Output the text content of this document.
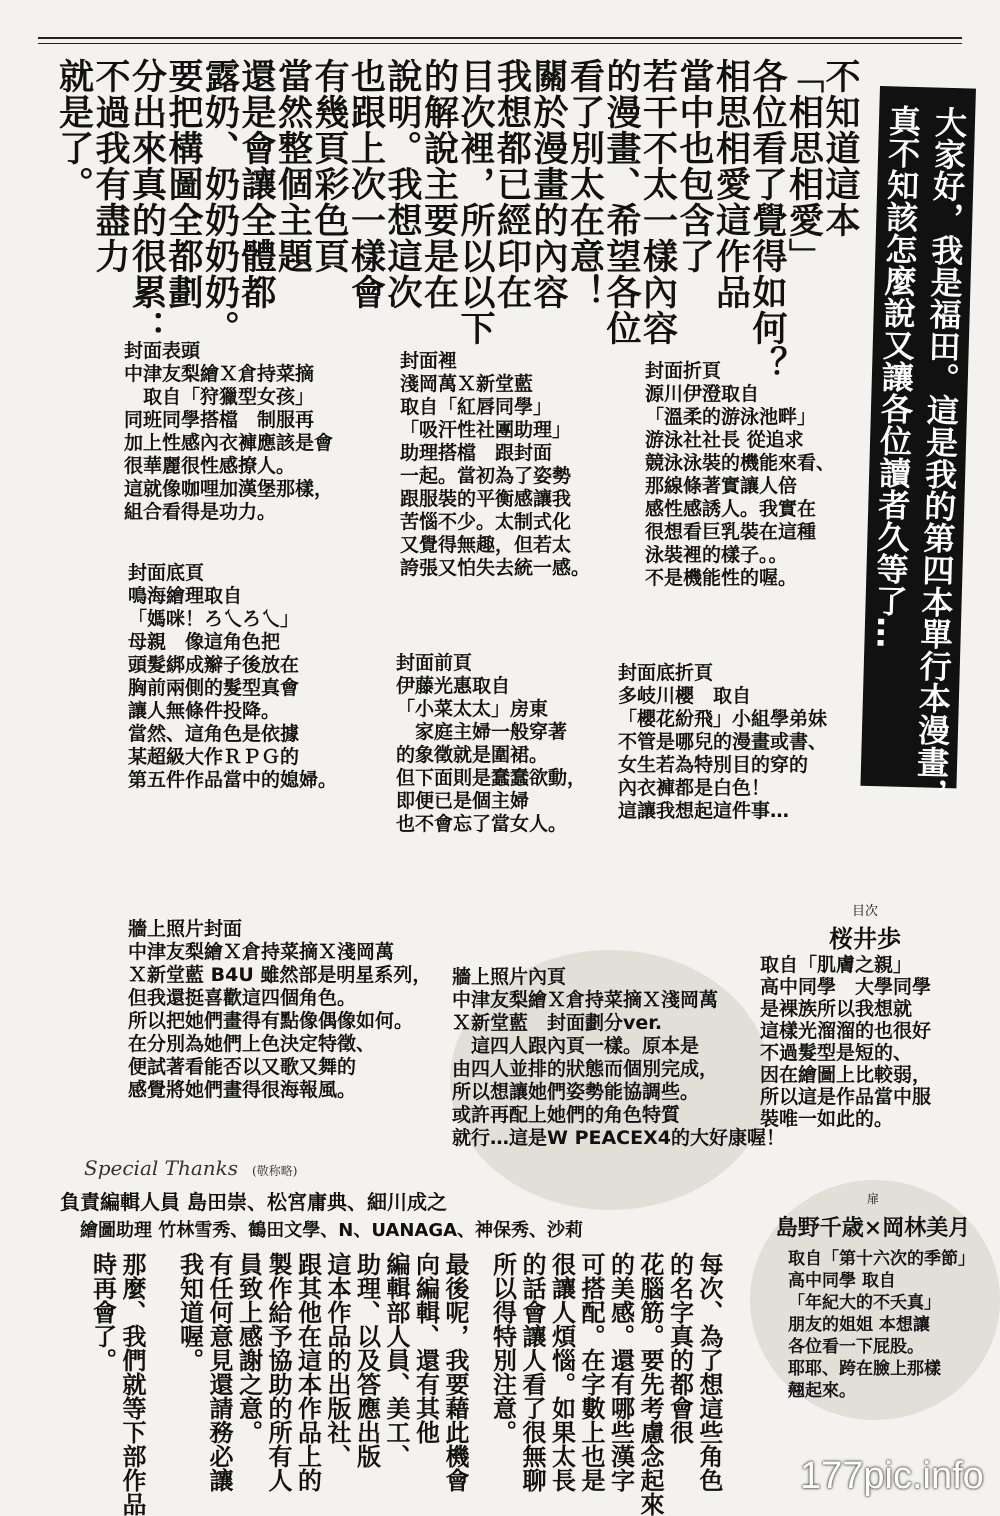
不知道這本
「相思相愛」
各位看了覺得如何？
相思相愛這作品
當中也包含了
若干不太一樣內容
的漫畫、希望各位
看了別太在意！
關於漫畫的內容
我想都已經印在
目次裡，所以以下
的解說主要是在
說明。我想這次
也跟上次一樣會
有幾頁彩色頁
當然整個主題
還是會讓全體都
露奶、奶奶奶奶。
要把構圖全都劃
分出來真的很累：
不過我有盡力
就是了。	大家好，我是福田。這是我的第四本單行本漫畫，
真不知該怎麼說又讓各位讀者久等了…
封面表頭
中津友梨繪Ｘ倉持菜摘
　取自「狩獵型女孩」
同班同學搭檔　制服再
加上性感內衣褲應該是會
很華麗很性感撩人。
這就像咖哩加漢堡那樣，
組合看得是功力。
封面裡
淺岡萬Ｘ新堂藍
取自「紅唇同學」
「吸汗性社團助理」
助理搭檔　跟封面
一起。當初為了姿勢
跟服裝的平衡感讓我
苦惱不少。太制式化
又覺得無趣，但若太
誇張又怕失去統一感。
封面折頁
源川伊澄取自
「溫柔的游泳池畔」
游泳社社長 從追求
競泳泳裝的機能來看、
那線條著實讓人倍
感性感誘人。我實在
很想看巨乳裝在這種
泳裝裡的樣子。。
不是機能性的喔。
封面底頁
鳴海繪理取自
「媽咪！ろ乀ろ乀」
母親　像這角色把
頭髮綁成辮子後放在
胸前兩側的髮型真會
讓人無條件投降。
當然、這角色是依據
某超級大作ＲＰＧ的
第五件作品當中的媳婦。
封面前頁
伊藤光惠取自
「小菜太太」房東
　家庭主婦一般穿著
的象徵就是圍裙。
但下面則是蠢蠢欲動，
即便已是個主婦
也不會忘了當女人。
封面底折頁
多岐川櫻　取自
「櫻花紛飛」小組學弟妹
不管是哪兒的漫畫或書、
女生若為特別目的穿的
內衣褲都是白色！
這讓我想起這件事…
牆上照片封面
中津友梨繪Ｘ倉持菜摘Ｘ淺岡萬
Ｘ新堂藍 B4U 雖然部是明星系列，
但我還挺喜歡這四個角色。
所以把她們畫得有點像偶像如何。
在分別為她們上色決定特徵、
便試著看能否以又歌又舞的
感覺將她們畫得很海報風。
牆上照片內頁
中津友梨繪Ｘ倉持菜摘Ｘ淺岡萬
Ｘ新堂藍　封面劃分ver.
　這四人跟內頁一樣。原本是
由四人並排的狀態而個別完成，
所以想讓她們姿勢能協調些。
或許再配上她們的角色特質
就行…這是W PEACEX4的大好康喔！
目次
桜井歩
取自「肌膚之親」
高中同學　大學同學
是裸族所以我想就
這樣光溜溜的也很好
不過髮型是短的、
因在繪圖上比較弱，
所以這是作品當中服
裝唯一如此的。
扉
島野千歳×岡林美月
取自「第十六次的季節」
高中同學 取自
「年紀大的不夭真」
朋友的姐姐 本想讓
各位看一下屁股。
耶耶、跨在臉上那樣
翹起來。
Special Thanks (敬称略)
負責編輯人員 島田崇、松宮庸典、細川成之
繪圖助理 竹林雪秀、鶴田文學、N、UANAGA、神保秀、沙莉
每次、為了想這些角色
的名字真的都會很
花腦筋。要先考慮念起來
的美感。還有哪些漢字
可搭配。在字數上也是
很讓人煩惱。如果太長
的話會讓人看了很無聊
所以得特別注意。
最後呢，我要藉此機會
向編輯、還有其他
編輯部人員、美工、
助理、以及答應出版
這本作品的出版社、
跟其他在這本作品上的
製作給予協助的所有人
員致上感謝之意。
有任何意見還請務必讓
我知道喔。
那麼、我們就等下部作品
時再會了。
177pic.info
